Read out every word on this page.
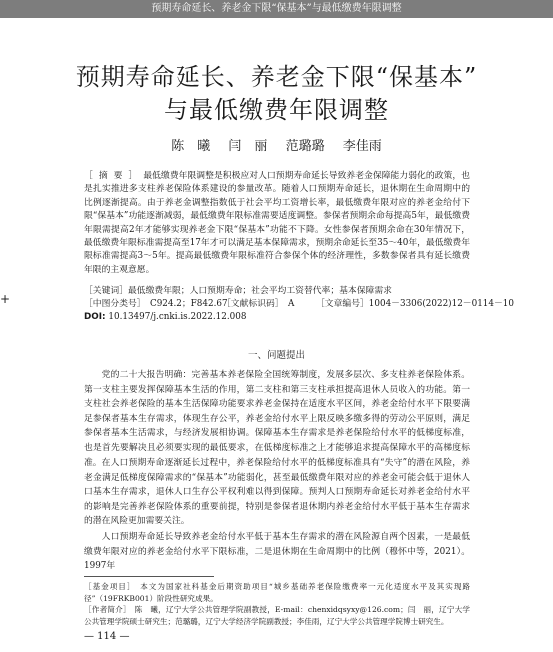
预期寿命延长、养老金下限“保基本”与最低缴费年限调整
+
预期寿命延长、养老金下限“保基本”
与最低缴费年限调整
陈　曦 闫　丽 范璐璐 李佳雨
［摘要］最低缴费年限调整是积极应对人口预期寿命延长导致养老金保障能力弱化的政策，也是扎实推进多支柱养老保险体系建设的参量改革。随着人口预期寿命延长，退休期在生命周期中的比例逐渐提高。由于养老金调整指数低于社会平均工资增长率，最低缴费年限对应的养老金给付下限“保基本”功能逐渐减弱，最低缴费年限标准需要适度调整。参保者预期余命每提高5年，最低缴费年限需提高2年才能够实现养老金下限“保基本”功能不下降。女性参保者预期余命在30年情况下，最低缴费年限标准需提高至17年才可以满足基本保障需求，预期余命延长至35～40年，最低缴费年限标准需提高3～5年。提高最低缴费年限标准符合参保个体的经济理性，多数参保者具有延长缴费年限的主观意愿。
［关键词］最低缴费年限；人口预期寿命；社会平均工资替代率；基本保障需求
［中图分类号］　C924.2；F842.67［文献标识码］　A ［文章编号］1004－3306(2022)12－0114－10
DOI: 10.13497/j.cnki.is.2022.12.008
一、问题提出

党的二十大报告明确：完善基本养老保险全国统筹制度，发展多层次、多支柱养老保险体系。第一支柱主要发挥保障基本生活的作用，第二支柱和第三支柱承担提高退休人员收入的功能。第一支柱社会养老保险的基本生活保障功能要求养老金保持在适度水平区间，养老金给付水平下限要满足参保者基本生存需求，体现生存公平，养老金给付水平上限反映多缴多得的劳动公平原则，满足参保者基本生活需求，与经济发展相协调。保障基本生存需求是养老保险给付水平的低梯度标准，也是首先要解决且必须要实现的最低要求，在低梯度标准之上才能够追求提高保障水平的高梯度标准。 在人口预期寿命逐渐延长过程中，养老保险给付水平的低梯度标准具有“失守”的潜在风险，养老金满足低梯度保障需求的“保基本”功能弱化，甚至最低缴费年限对应的养老金可能会低于退休人口基本生存需求，退休人口生存公平权利难以得到保障。预判人口预期寿命延长对养老金给付水平的影响是完善养老保险体系的重要前提，特别是参保者退休期内养老金给付水平低于基本生存需求的潜在风险更加需要关注。

人口预期寿命延长导致养老金给付水平低于基本生存需求的潜在风险源自两个因素，一是最低缴费年限对应的养老金给付水平下限标准，二是退休期在生命周期中的比例（穆怀中等，2021）。1997年

［基金项目］　本文为国家社科基金后期资助项目“城乡基础养老保险缴费率一元化适度水平及其实现路径”（19FRKB001）阶段性研究成果。

［作者简介］　陈　曦，辽宁大学公共管理学院副教授，E-mail：chenxidqsyxy@126.com；闫　丽，辽宁大学公共管理学院硕士研究生；范璐璐，辽宁大学经济学院副教授；李佳雨，辽宁大学公共管理学院博士研究生。

— 114 —
